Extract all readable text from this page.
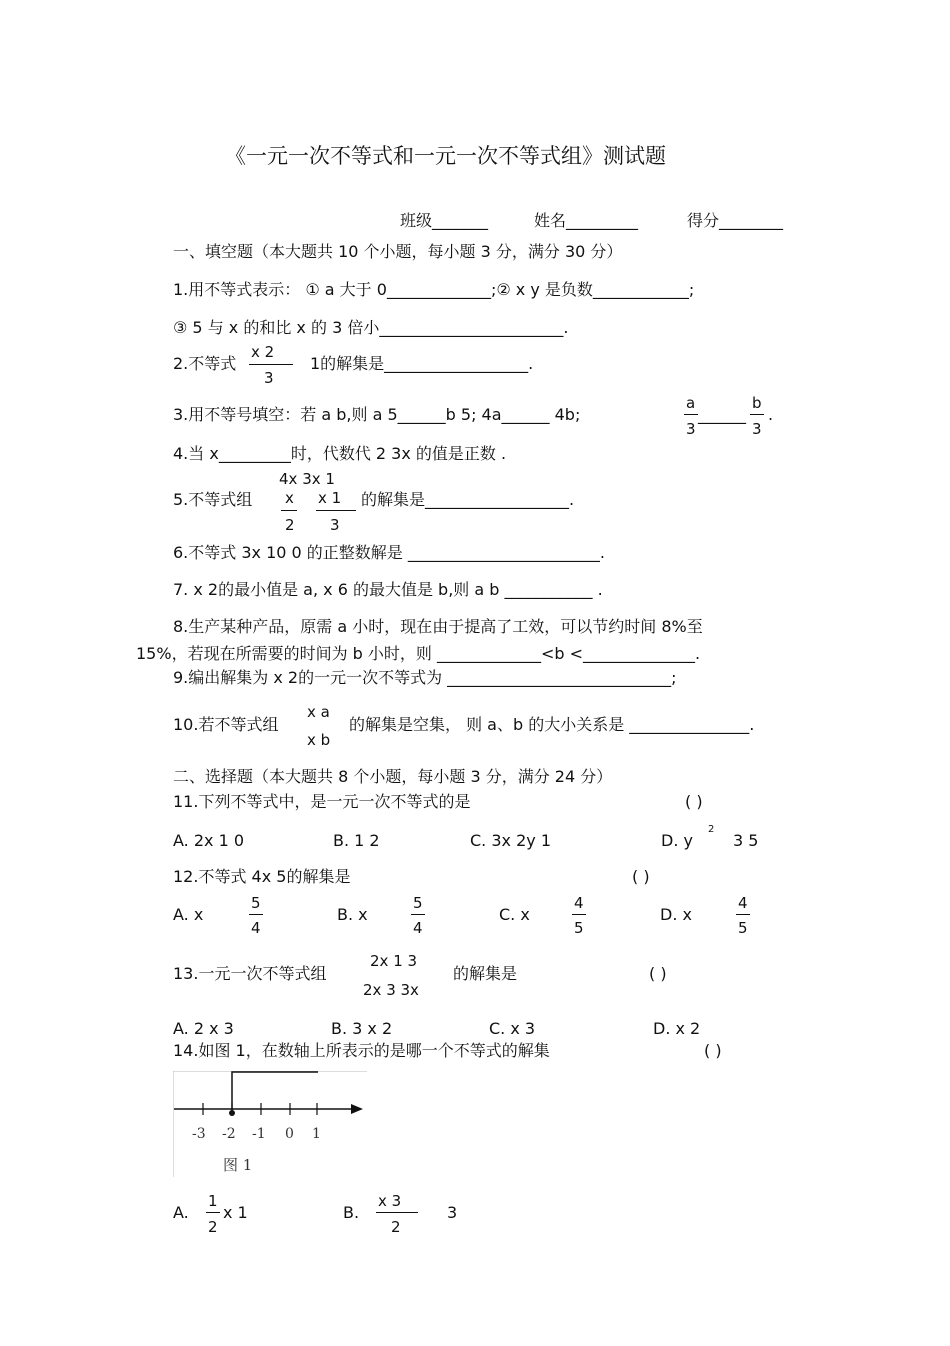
《一元一次不等式和一元一次不等式组》测试题
班级_______	姓名_________	得分________
一、填空题（本大题共 10 个小题，每小题 3 分，满分 30 分）
1.用不等式表示： ① a 大于 0_____________;② x y 是负数____________;
③ 5 与 x 的和比 x 的 3 倍小_______________________.
2.不等式
x 2
3
1的解集是__________________.
3.用不等号填空：若 a b,则 a 5______b 5; 4a______ 4b;
a
3
______
b
3
.
4.当 x_________时，代数代 2 3x 的值是正数 .
4x 3x 1
5.不等式组 x
2
x 1
3
的解集是__________________.
6.不等式 3x 10 0 的正整数解是 ________________________.
7. x 2的最小值是 a, x 6 的最大值是 b,则 a b ___________ .
8.生产某种产品，原需 a 小时，现在由于提高了工效，可以节约时间 8%至
15%，若现在所需要的时间为 b 小时，则 _____________<b <______________.
9.编出解集为 x 2的一元一次不等式为 ____________________________;
x a
10.若不等式组
x b
的解集是空集， 则 a、b 的大小关系是 _______________.
二、选择题（本大题共 8 个小题，每小题 3 分，满分 24 分）
11.下列不等式中，是一元一次不等式的是	( )
A. 2x 1 0	B. 1 2	C. 3x 2y 1	D. y
2
3 5
12.不等式 4x 5的解集是	( )
A. x
5
4
B. x
5
4
C. x
4
5
D. x
4
5
13.一元一次不等式组
2x 1 3
2x 3 3x
的解集是	( )
A. 2 x 3	B. 3 x 2	C. x 3	D. x 2
14.如图 1，在数轴上所表示的是哪一个不等式的解集	( )
-3 -2 -1 0 1
图 1
A.
1
2
x 1	B.
x 3
2
3
